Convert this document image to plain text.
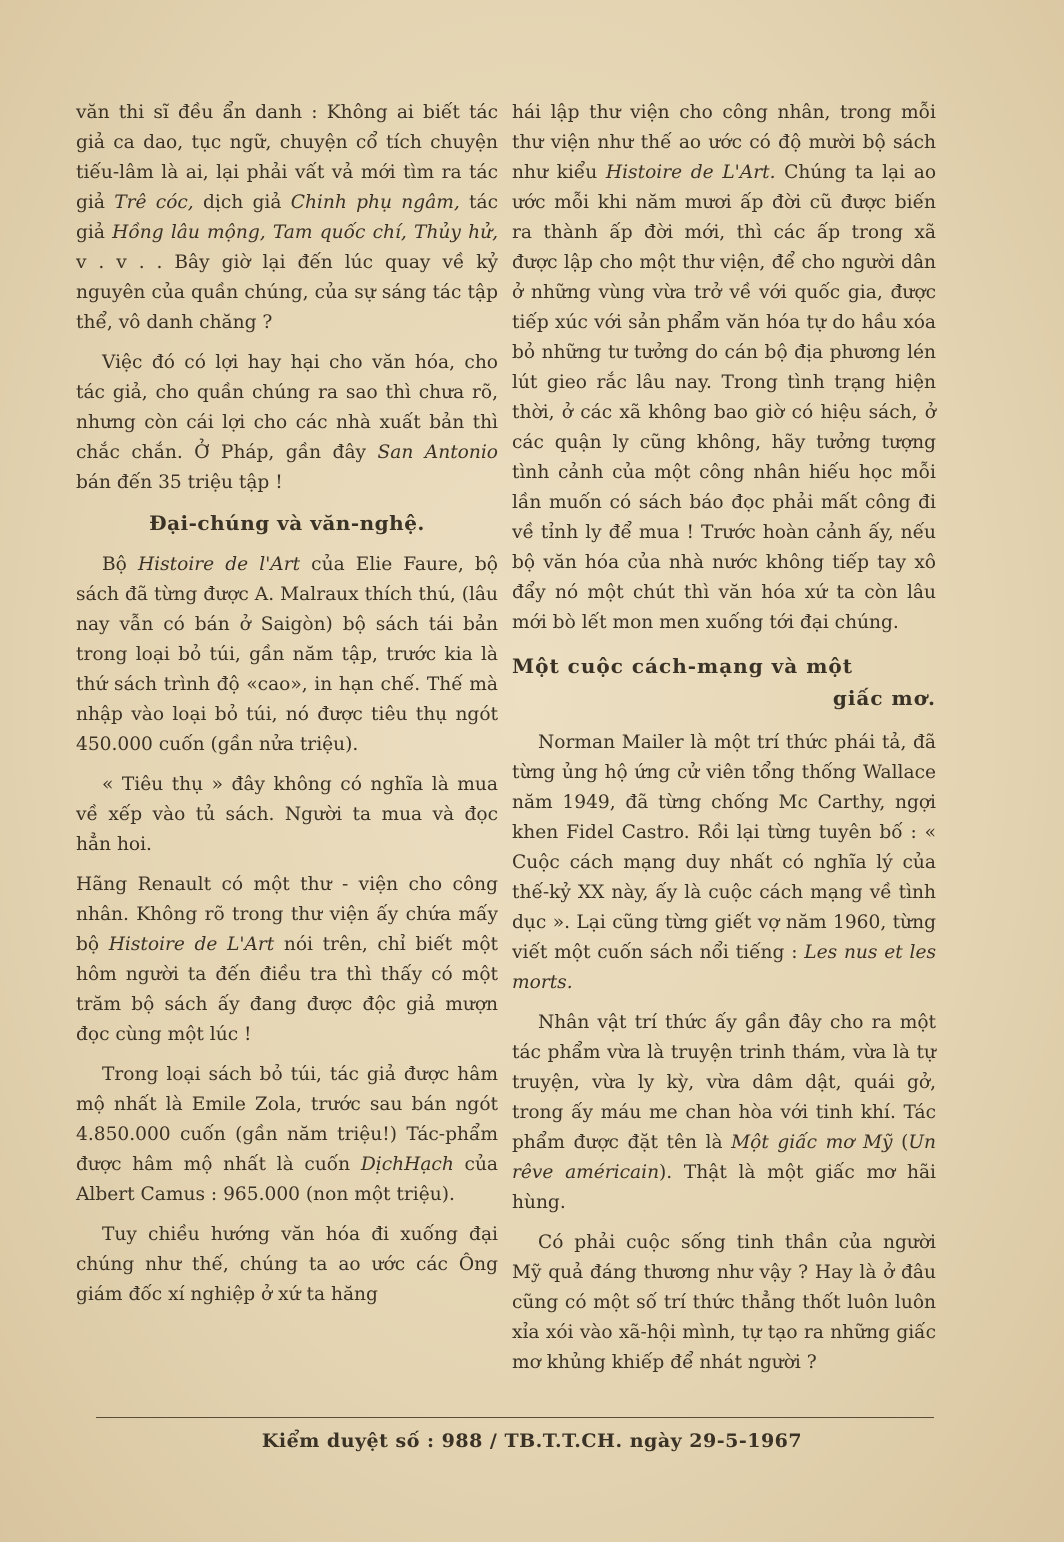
văn thi sĩ đều ẩn danh : Không ai biết tác giả ca dao, tục ngữ, chuyện cổ tích chuyện tiếu-lâm là ai, lại phải vất vả mới tìm ra tác giả Trê cóc, dịch giả Chinh phụ ngâm, tác giả Hồng lâu mộng, Tam quốc chí, Thủy hử, v . v . . Bây giờ lại đến lúc quay về kỷ nguyên của quần chúng, của sự sáng tác tập thể, vô danh chăng ?

Việc đó có lợi hay hại cho văn hóa, cho tác giả, cho quần chúng ra sao thì chưa rõ, nhưng còn cái lợi cho các nhà xuất bản thì chắc chắn. Ở Pháp, gần đây San Antonio bán đến 35 triệu tập !

Đại-chúng và văn-nghệ.

Bộ Histoire de l'Art của Elie Faure, bộ sách đã từng được A. Malraux thích thú, (lâu nay vẫn có bán ở Saigòn) bộ sách tái bản trong loại bỏ túi, gần năm tập, trước kia là thứ sách trình độ «cao», in hạn chế. Thế mà nhập vào loại bỏ túi, nó được tiêu thụ ngót 450.000 cuốn (gần nửa triệu).

« Tiêu thụ » đây không có nghĩa là mua về xếp vào tủ sách. Người ta mua và đọc hẳn hoi.

Hãng Renault có một thư - viện cho công nhân. Không rõ trong thư viện ấy chứa mấy bộ Histoire de L'Art nói trên, chỉ biết một hôm người ta đến điều tra thì thấy có một trăm bộ sách ấy đang được độc giả mượn đọc cùng một lúc !

Trong loại sách bỏ túi, tác giả được hâm mộ nhất là Emile Zola, trước sau bán ngót 4.850.000 cuốn (gần năm triệu!) Tác-phẩm được hâm mộ nhất là cuốn DịchHạch của Albert Camus : 965.000 (non một triệu).

Tuy chiều hướng văn hóa đi xuống đại chúng như thế, chúng ta ao ước các Ông giám đốc xí nghiệp ở xứ ta hăng

hái lập thư viện cho công nhân, trong mỗi thư viện như thế ao ước có độ mười bộ sách như kiểu Histoire de L'Art. Chúng ta lại ao ước mỗi khi năm mươi ấp đời cũ được biến ra thành ấp đời mới, thì các ấp trong xã được lập cho một thư viện, để cho người dân ở những vùng vừa trở về với quốc gia, được tiếp xúc với sản phẩm văn hóa tự do hầu xóa bỏ những tư tưởng do cán bộ địa phương lén lút gieo rắc lâu nay. Trong tình trạng hiện thời, ở các xã không bao giờ có hiệu sách, ở các quận ly cũng không, hãy tưởng tượng tình cảnh của một công nhân hiếu học mỗi lần muốn có sách báo đọc phải mất công đi về tỉnh ly để mua ! Trước hoàn cảnh ấy, nếu bộ văn hóa của nhà nước không tiếp tay xô đẩy nó một chút thì văn hóa xứ ta còn lâu mới bò lết mon men xuống tới đại chúng.

Một cuộc cách-mạng và một
giấc mơ.

Norman Mailer là một trí thức phái tả, đã từng ủng hộ ứng cử viên tổng thống Wallace năm 1949, đã từng chống Mc Carthy, ngợi khen Fidel Castro. Rồi lại từng tuyên bố : « Cuộc cách mạng duy nhất có nghĩa lý của thế-kỷ XX này, ấy là cuộc cách mạng về tình dục ». Lại cũng từng giết vợ năm 1960, từng viết một cuốn sách nổi tiếng : Les nus et les morts.

Nhân vật trí thức ấy gần đây cho ra một tác phẩm vừa là truyện trinh thám, vừa là tự truyện, vừa ly kỳ, vừa dâm dật, quái gở, trong ấy máu me chan hòa với tinh khí. Tác phẩm được đặt tên là Một giấc mơ Mỹ (Un rêve américain). Thật là một giấc mơ hãi hùng.

Có phải cuộc sống tinh thần của người Mỹ quả đáng thương như vậy ? Hay là ở đâu cũng có một số trí thức thẳng thốt luôn luôn xỉa xói vào xã-hội mình, tự tạo ra những giấc mơ khủng khiếp để nhát người ?

Kiểm duyệt số : 988 / TB.T.T.CH. ngày 29-5-1967
